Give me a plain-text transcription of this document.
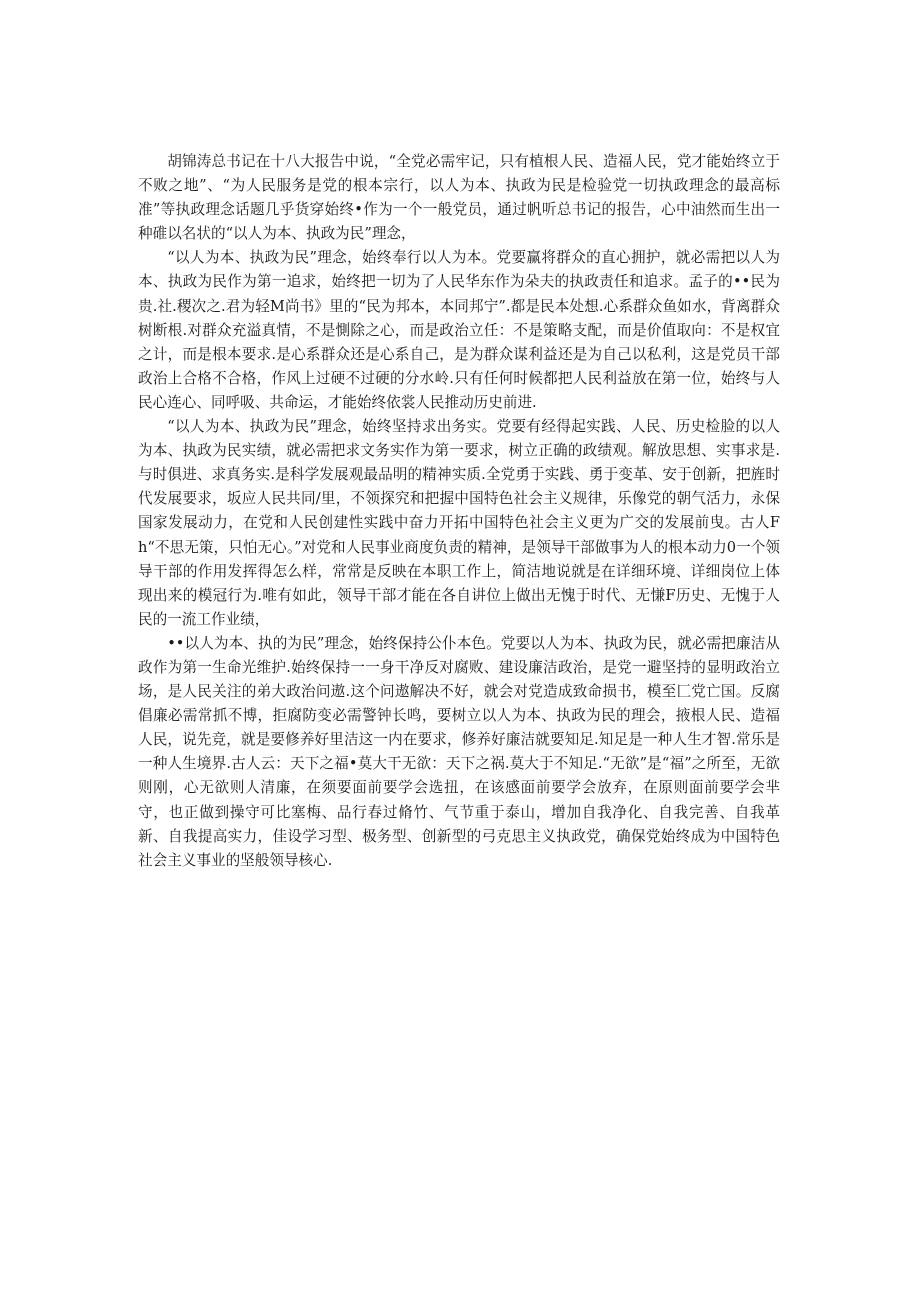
胡锦涛总书记在十八大报告中说，“全党必需牢记，只有植根人民、造福人民，党才能始终立于不败之地”、“为人民服务是党的根本宗行，以人为本、执政为民是检验党一切执政理念的最高标准”等执政理念话题几乎货穿始终•作为一个一般党员，通过帆听总书记的报告，心中油然而生出一种碓以名状的“以人为本、执政为民”理念，

“以人为本、执政为民”理念，始终奉行以人为本。党要赢将群众的直心拥护，就必需把以人为本、执政为民作为第一追求，始终把一切为了人民华东作为朵夫的执政责任和追求。孟子的••民为贵.社.稷次之.君为轻M尚书》里的“民为邦本，本同邦宁”.都是民本处想.心系群众鱼如水，背离群众树断根.对群众充溢真情，不是惻除之心，而是政治立任：不是策略支配，而是价值取向：不是权宜之计，而是根本要求.是心系群众还是心系自己，是为群众谋利益还是为自己以私利，这是党员干部政治上合格不合格，作风上过硬不过硬的分水岭.只有任何时候都把人民利益放在第一位，始终与人民心连心、同呼吸、共命运，才能始终依裳人民推动历史前进.

“以人为本、执政为民”理念，始终坚持求出务实。党要有经得起实践、人民、历史检脸的以人为本、执政为民实绩，就必需把求文务实作为第一要求，树立正确的政绩观。解放思想、实事求是.与时俱进、求真务实.是科学发展观最品明的精神实质.全党勇于实践、勇于变革、安于创新，把旌时代发展要求，坂应人民共同/里，不领探究和把握中国特色社会主义规律，乐像党的朝气活力，永保国家发展动力，在党和人民创建性实践中奋力开拓中国特色社会主义更为广交的发展前曳。古人Fh“不思无策，只怕无心。”对党和人民事业商度负责的精神，是领导干部做事为人的根本动力0一个领导干部的作用发挥得怎么样，常常是反映在本职工作上，简洁地说就是在详细环境、详细岗位上体现出来的模冠行为.唯有如此，领导干部才能在各自讲位上做出无愧于时代、无慊F历史、无愧于人民的一流工作业绩，

••以人为本、执的为民”理念，始终保持公仆本色。党要以人为本、执政为民，就必需把廉洁从政作为第一生命光维护.始终保持一一身干净反对腐败、建设廉洁政治，是党一避坚持的显明政治立场，是人民关注的弟大政治问遨.这个问遨解决不好，就会对党造成致命损书，模至匚党亡国。反腐倡廉必需常抓不博，拒腐防变必需警钟长鸣，要树立以人为本、执政为民的理会，掖根人民、造福人民，说先竞，就是要修养好里洁这一内在要求，修养好廉洁就要知足.知足是一种人生才智.常乐是一种人生境界.古人云：天下之福•莫大干无欲：天下之祸.莫大于不知足.“无欲”是“福”之所至，无欲则刚，心无欲则人清廉，在须要面前要学会选扭，在该感面前要学会放弃，在原则面前要学会芈守，也正做到操守可比塞梅、品行春过脩竹、气节重于泰山，增加自我净化、自我完善、自我革新、自我提高实力，佳设学习型、极务型、创新型的弓克思主义执政党，确保党始终成为中国特色社会主义事业的坚般领导核心.
